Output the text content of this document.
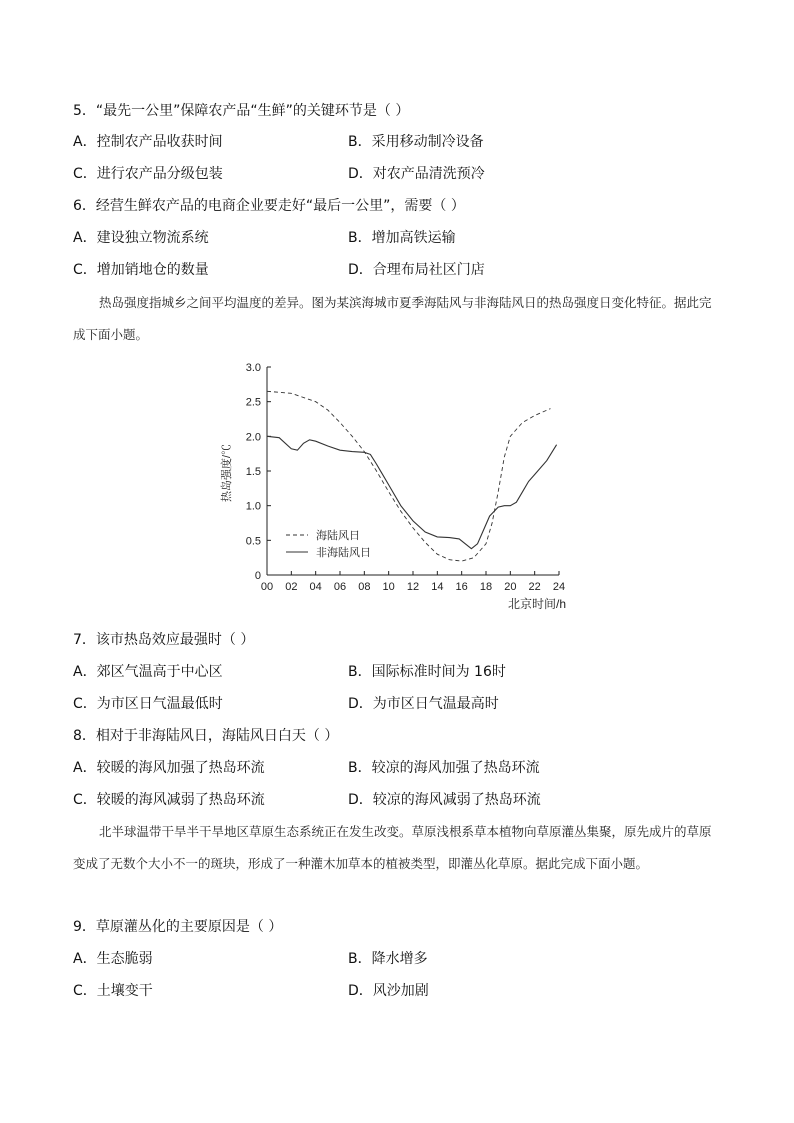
5．“最先一公里”保障农产品“生鲜”的关键环节是（ ）
A．控制农产品收获时间	B．采用移动制冷设备
C．进行农产品分级包装	D．对农产品清洗预冷
6．经营生鲜农产品的电商企业要走好“最后一公里”，需要（ ）
A．建设独立物流系统	B．增加高铁运输
C．增加销地仓的数量	D．合理布局社区门店
热岛强度指城乡之间平均温度的差异。图为某滨海城市夏季海陆风与非海陆风日的热岛强度日变化特征。据此完成下面小题。
0
0.5
1.0
1.5
2.0
2.5
3.0
00 02 04 06 08 10 12 14 16 18 20 22 24
海陆风日
非海陆风日
热岛强度/℃
北京时间/h
7．该市热岛效应最强时（ ）
A．郊区气温高于中心区	B．国际标准时间为 16时
C．为市区日气温最低时	D．为市区日气温最高时
8．相对于非海陆风日，海陆风日白天（ ）
A．较暖的海风加强了热岛环流	B．较凉的海风加强了热岛环流
C．较暖的海风减弱了热岛环流	D．较凉的海风减弱了热岛环流
北半球温带干旱半干旱地区草原生态系统正在发生改变。草原浅根系草本植物向草原灌丛集聚，原先成片的草原变成了无数个大小不一的斑块，形成了一种灌木加草本的植被类型，即灌丛化草原。据此完成下面小题。
9．草原灌丛化的主要原因是（ ）
A．生态脆弱	B．降水增多
C．土壤变干	D．风沙加剧
